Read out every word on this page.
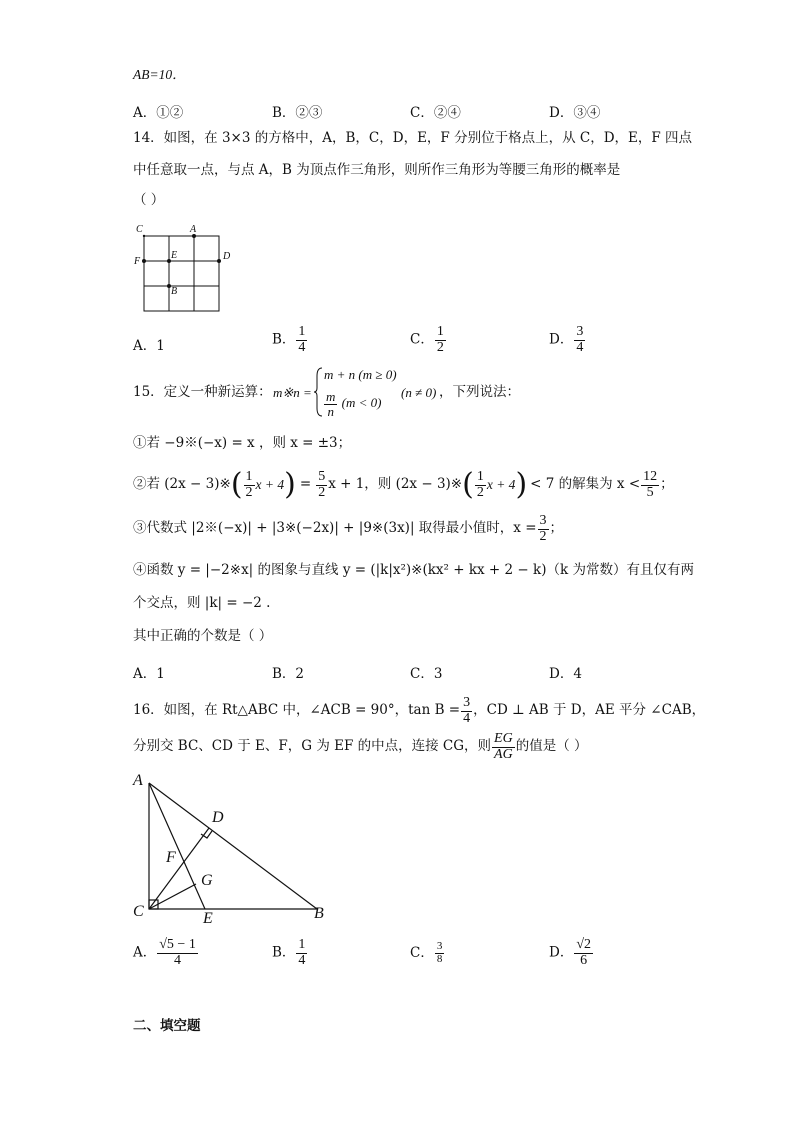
AB=10．
A．①②	B．②③	C．②④	D．③④
14．如图，在 3×3 的方格中，A，B，C，D，E，F 分别位于格点上，从 C，D，E，F 四点
中任意取一点，与点 A，B 为顶点作三角形，则所作三角形为等腰三角形的概率是
（ ）
C	A
F
E	D
B
A．1	B． $\frac{1}{4}$	C． $\frac{1}{2}$	D． $\frac{3}{4}$
15．定义一种新运算： m※n =
m + n (m ≥ 0)
$\frac{m}{n} (m < 0)$
(n ≠ 0) ，下列说法：
①若 −9※(−x) = x ，则 x = ±3；
②若 (2x − 3)※ ( $\frac{1}{2}$ x + 4 ) = $\frac{5}{2}$ x + 1，则 (2x − 3)※ ( $\frac{1}{2}$ x + 4 ) < 7 的解集为 $x < \frac{12}{5}$ ；
③代数式 |2※(−x)| + |3※(−2x)| + |9※(3x)| 取得最小值时，$x = \frac{3}{2}$ ；
④函数 y = |−2※x| 的图象与直线 y = (|k|x²)※(kx² + kx + 2 − k)（k 为常数）有且仅有两
个交点，则 |k| = −2 .
其中正确的个数是（ ）
A．1	B．2	C．3	D．4
16．如图，在 Rt△ABC 中，∠ACB = 90°，$\tan B = \frac{3}{4}$ ，CD ⊥ AB 于 D，AE 平分 ∠CAB，
分别交 BC、CD 于 E、F，G 为 EF 的中点，连接 CG，则 $\frac{EG}{AG}$ 的值是（ ）
A
D
F
G
C	E	B
A． $\frac{√5 - 1}{4}$	B． $\frac{1}{4}$	C． $\frac{3}{8}$	D． $\frac{√2}{6}$
二、填空题
